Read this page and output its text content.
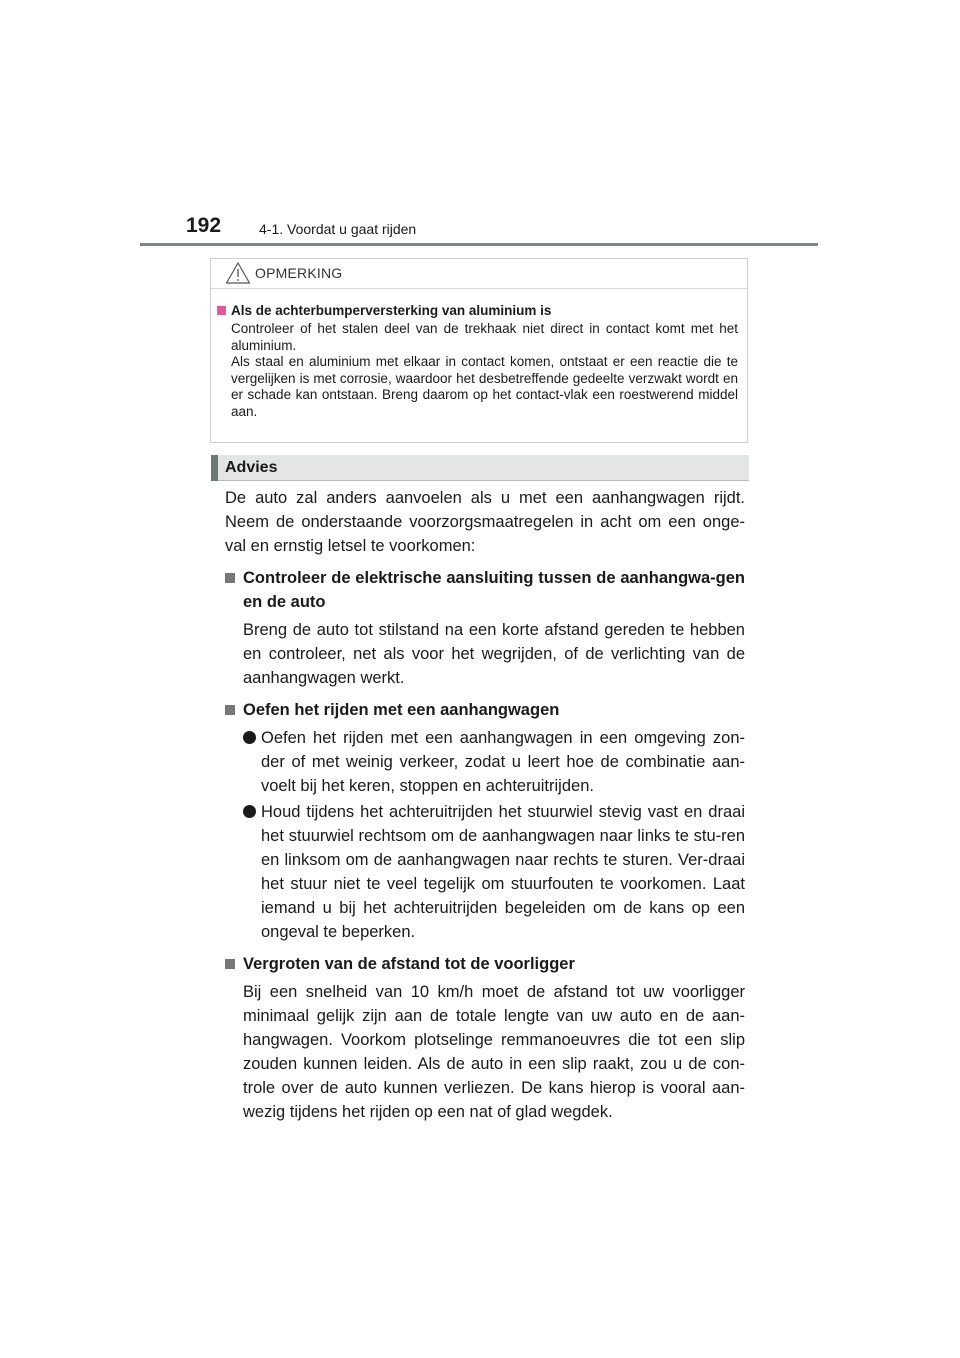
192	4-1. Voordat u gaat rijden
OPMERKING
Als de achterbumperversterking van aluminium is

Controleer of het stalen deel van de trekhaak niet direct in contact komt met het aluminium.

Als staal en aluminium met elkaar in contact komen, ontstaat er een reactie die te vergelijken is met corrosie, waardoor het desbetreffende gedeelte verzwakt wordt en er schade kan ontstaan. Breng daarom op het contact-vlak een roestwerend middel aan.

Advies

De auto zal anders aanvoelen als u met een aanhangwagen rijdt. Neem de onderstaande voorzorgsmaatregelen in acht om een onge-val en ernstig letsel te voorkomen:

Controleer de elektrische aansluiting tussen de aanhangwa-gen en de auto

Breng de auto tot stilstand na een korte afstand gereden te hebben en controleer, net als voor het wegrijden, of de verlichting van de aanhangwagen werkt.

Oefen het rijden met een aanhangwagen

Oefen het rijden met een aanhangwagen in een omgeving zon-der of met weinig verkeer, zodat u leert hoe de combinatie aan-voelt bij het keren, stoppen en achteruitrijden.
Houd tijdens het achteruitrijden het stuurwiel stevig vast en draai het stuurwiel rechtsom om de aanhangwagen naar links te stu-ren en linksom om de aanhangwagen naar rechts te sturen. Ver-draai het stuur niet te veel tegelijk om stuurfouten te voorkomen. Laat iemand u bij het achteruitrijden begeleiden om de kans op een ongeval te beperken.

Vergroten van de afstand tot de voorligger

Bij een snelheid van 10 km/h moet de afstand tot uw voorligger minimaal gelijk zijn aan de totale lengte van uw auto en de aan-hangwagen. Voorkom plotselinge remmanoeuvres die tot een slip zouden kunnen leiden. Als de auto in een slip raakt, zou u de con-trole over de auto kunnen verliezen. De kans hierop is vooral aan-wezig tijdens het rijden op een nat of glad wegdek.
